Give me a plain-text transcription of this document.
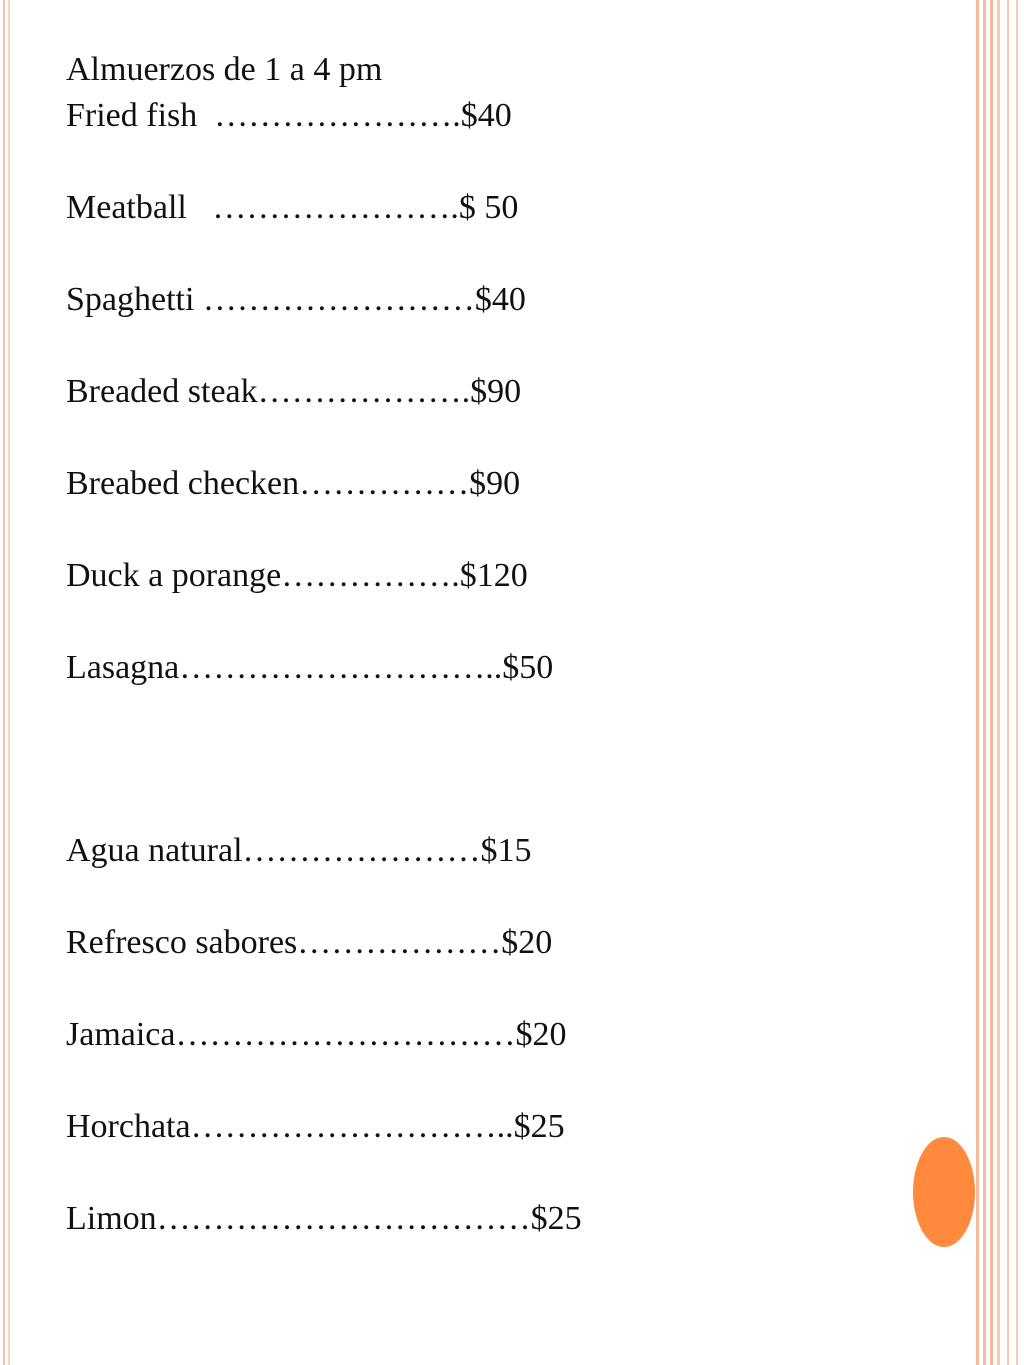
Almuerzos de 1 a 4 pm

Fried fish  ………………….$40

Meatball   ………………….$ 50

Spaghetti ……………………$40

Breaded steak……………….$90

Breabed checken……………$90

Duck a porange…………….$120

Lasagna………………………..$50

Agua natural…………………$15

Refresco sabores………………$20

Jamaica…………………………$20

Horchata………………………..$25

Limon……………………………$25
